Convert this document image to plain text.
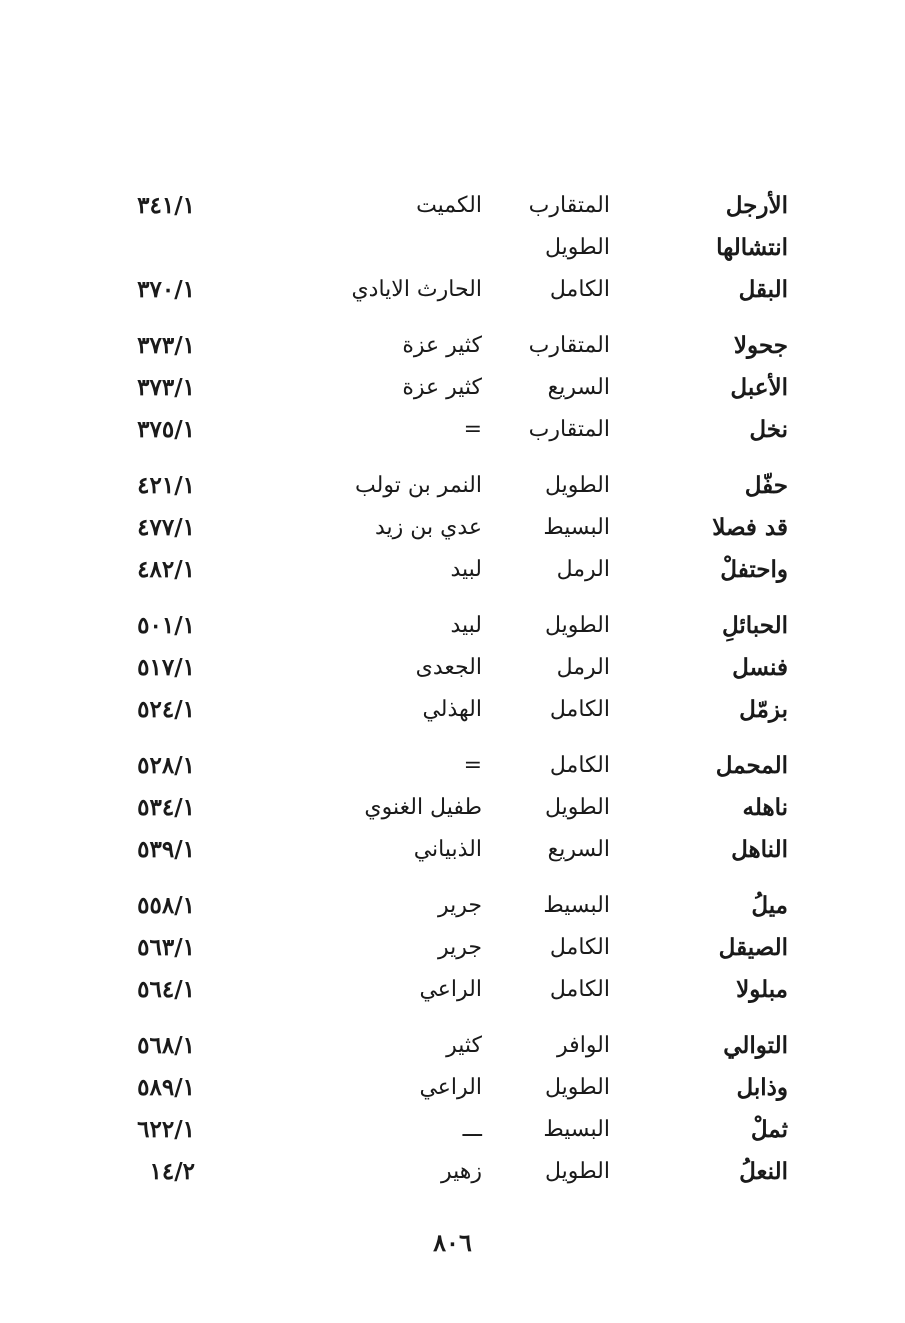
الأرجل
المتقارب
الكميت
٣٤١/١
انتشالها
الطويل
البقل
الكامل
الحارث الايادي
٣٧٠/١
جحولا
المتقارب
كثير عزة
٣٧٣/١
الأعبل
السريع
كثير عزة
٣٧٣/١
نخل
المتقارب
=
٣٧٥/١
حفّل
الطويل
النمر بن تولب
٤٢١/١
قد فصلا
البسيط
عدي بن زيد
٤٧٧/١
واحتفلْ
الرمل
لبيد
٤٨٢/١
الحبائلِ
الطويل
لبيد
٥٠١/١
فنسل
الرمل
الجعدى
٥١٧/١
بزمّل
الكامل
الهذلي
٥٢٤/١
المحمل
الكامل
=
٥٢٨/١
ناهله
الطويل
طفيل الغنوي
٥٣٤/١
الناهل
السريع
الذبياني
٥٣٩/١
ميلُ
البسيط
جرير
٥٥٨/١
الصيقل
الكامل
جرير
٥٦٣/١
مبلولا
الكامل
الراعي
٥٦٤/١
التوالي
الوافر
كثير
٥٦٨/١
وذابل
الطويل
الراعي
٥٨٩/١
ثملْ
البسيط
ـــ
٦٢٢/١
النعلُ
الطويل
زهير
١٤/٢
٨٠٦
